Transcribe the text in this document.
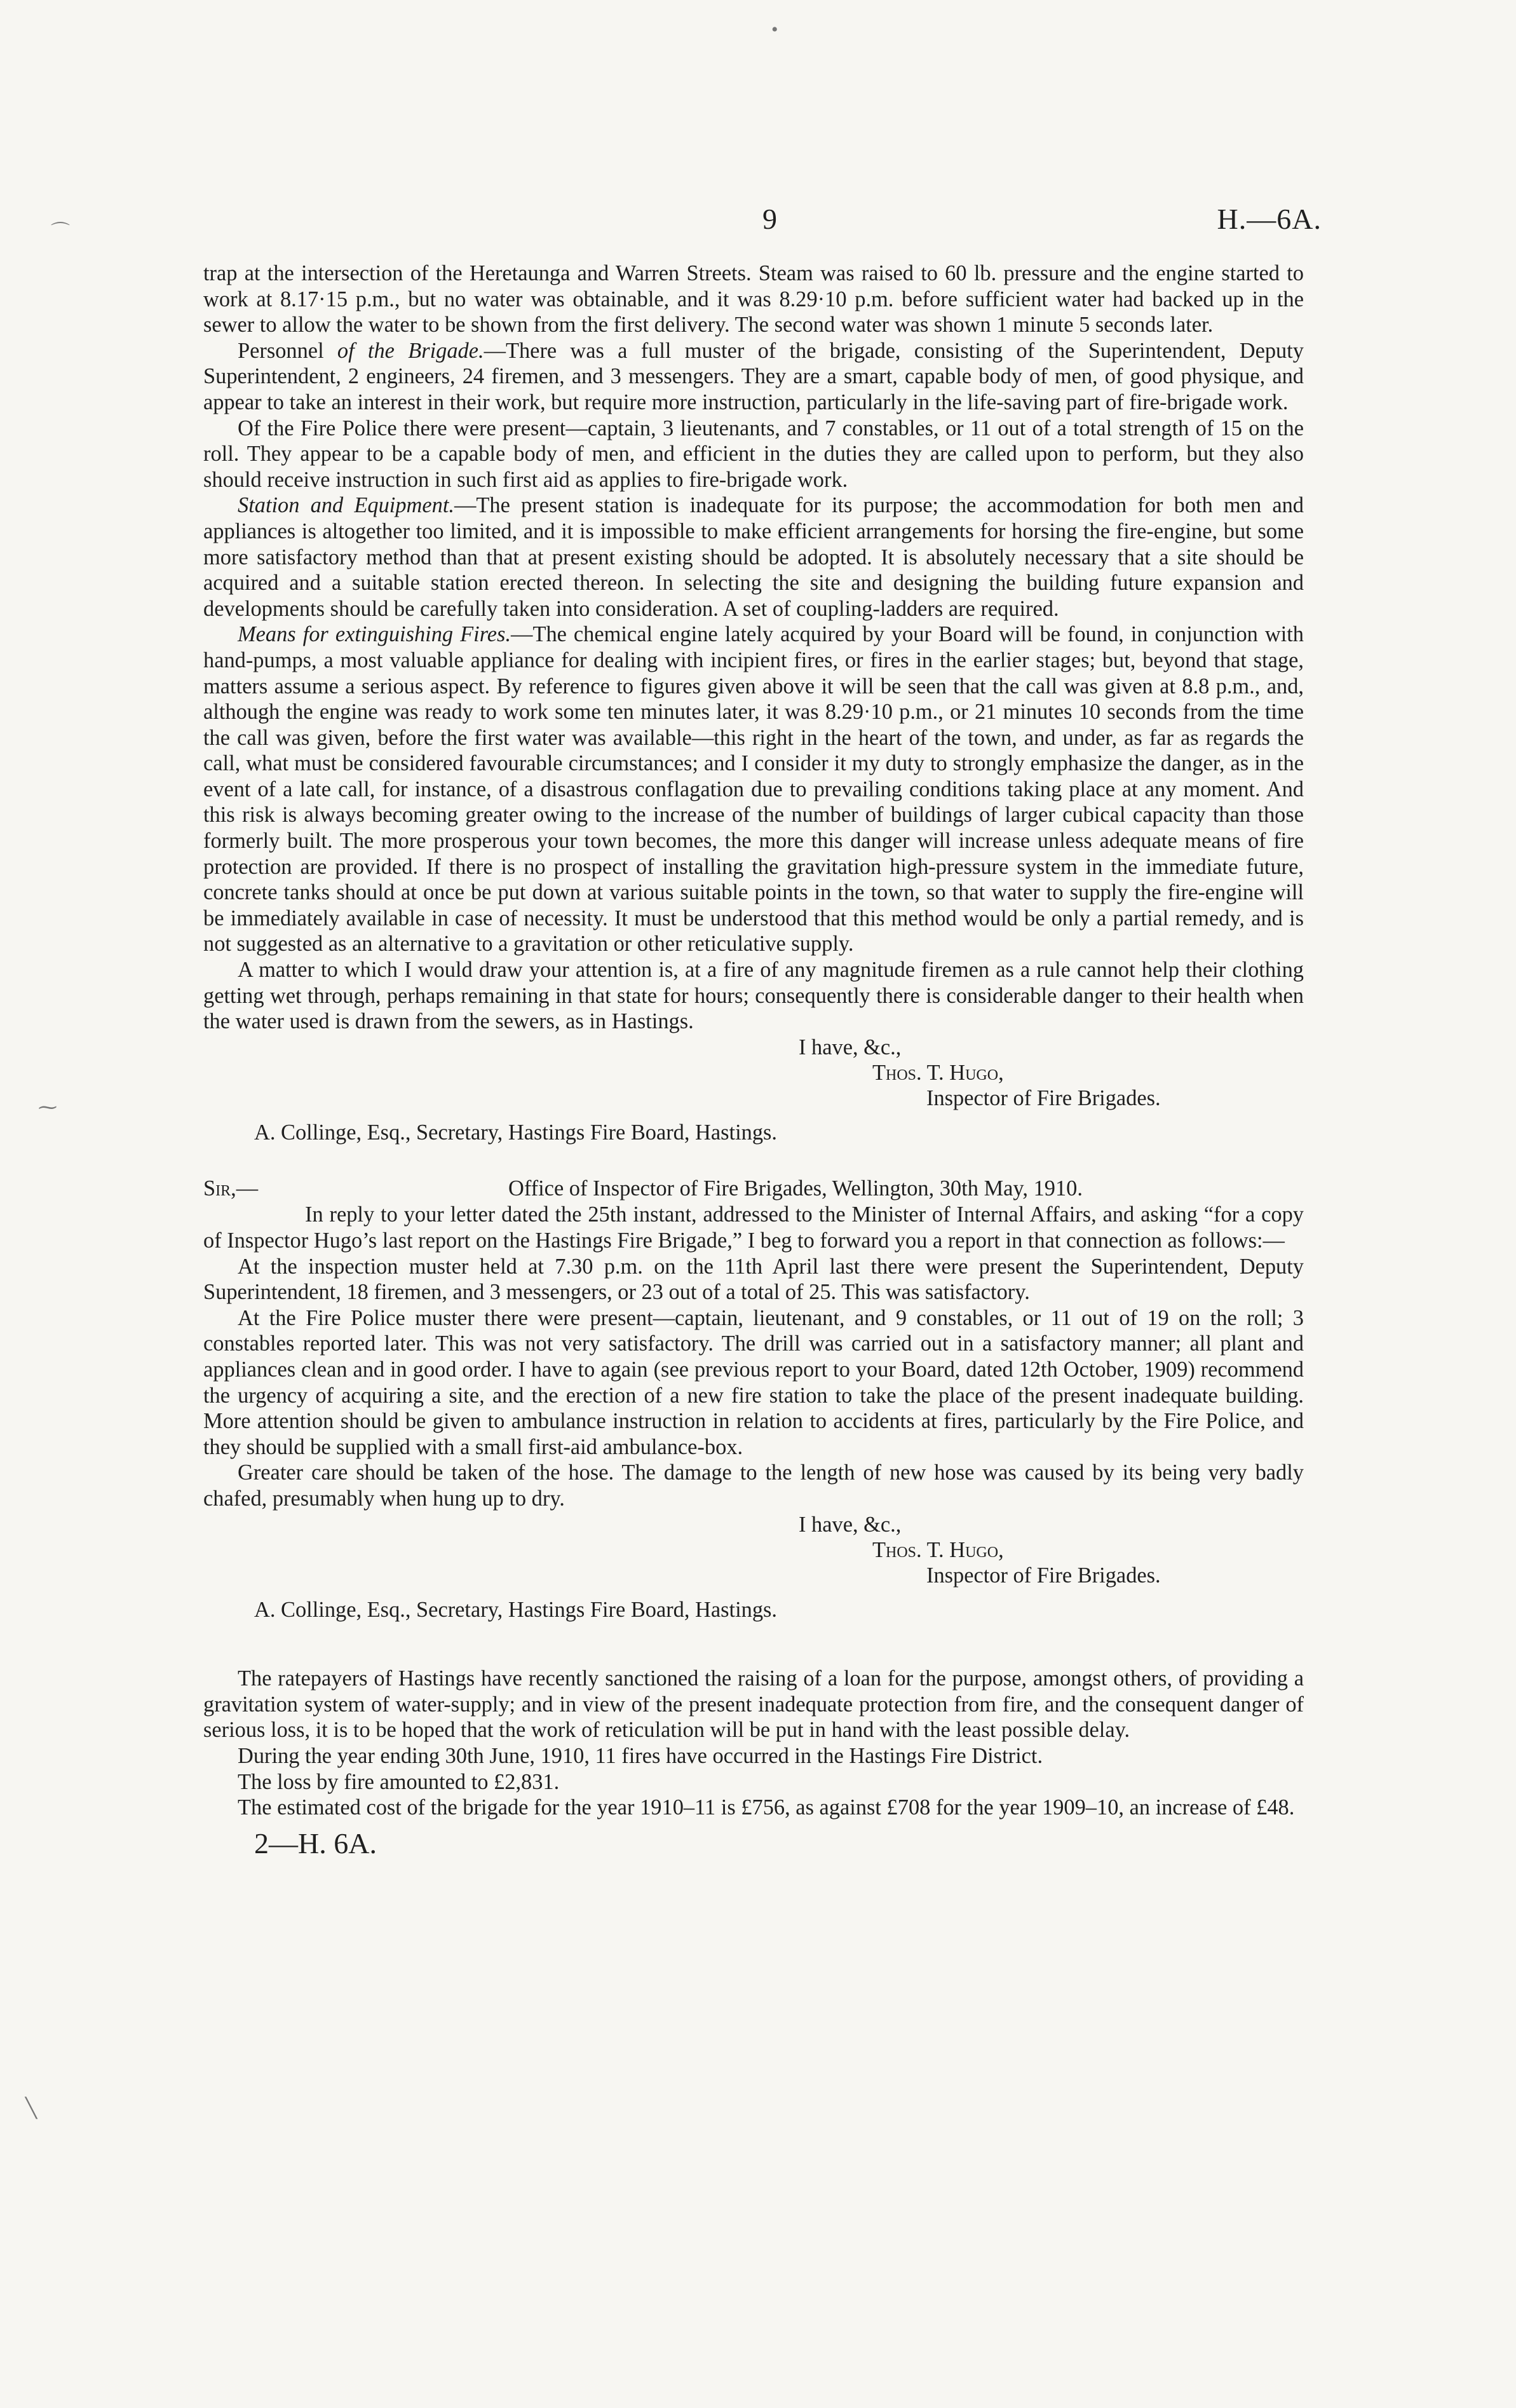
•
⌒
⁓
╲
9	H.—6A.

trap at the intersection of the Heretaunga and Warren Streets. Steam was raised to 60 lb. pressure and the engine started to work at 8.17·15 p.m., but no water was obtainable, and it was 8.29·10 p.m. before sufficient water had backed up in the sewer to allow the water to be shown from the first delivery. The second water was shown 1 minute 5 seconds later.

Personnel of the Brigade.—There was a full muster of the brigade, consisting of the Superintendent, Deputy Superintendent, 2 engineers, 24 firemen, and 3 messengers. They are a smart, capable body of men, of good physique, and appear to take an interest in their work, but require more instruction, particularly in the life-saving part of fire-brigade work.

Of the Fire Police there were present—captain, 3 lieutenants, and 7 constables, or 11 out of a total strength of 15 on the roll. They appear to be a capable body of men, and efficient in the duties they are called upon to perform, but they also should receive instruction in such first aid as applies to fire-brigade work.

Station and Equipment.—The present station is inadequate for its purpose; the accommodation for both men and appliances is altogether too limited, and it is impossible to make efficient arrangements for horsing the fire-engine, but some more satisfactory method than that at present existing should be adopted. It is absolutely necessary that a site should be acquired and a suitable station erected thereon. In selecting the site and designing the building future expansion and developments should be carefully taken into consideration. A set of coupling-ladders are required.

Means for extinguishing Fires.—The chemical engine lately acquired by your Board will be found, in conjunction with hand-pumps, a most valuable appliance for dealing with incipient fires, or fires in the earlier stages; but, beyond that stage, matters assume a serious aspect. By reference to figures given above it will be seen that the call was given at 8.8 p.m., and, although the engine was ready to work some ten minutes later, it was 8.29·10 p.m., or 21 minutes 10 seconds from the time the call was given, before the first water was available—this right in the heart of the town, and under, as far as regards the call, what must be considered favourable circumstances; and I consider it my duty to strongly emphasize the danger, as in the event of a late call, for instance, of a disastrous conflagation due to prevailing conditions taking place at any moment. And this risk is always becoming greater owing to the increase of the number of buildings of larger cubical capacity than those formerly built. The more prosperous your town becomes, the more this danger will increase unless adequate means of fire protection are provided. If there is no prospect of installing the gravitation high-pressure system in the immediate future, concrete tanks should at once be put down at various suitable points in the town, so that water to supply the fire-engine will be immediately available in case of necessity. It must be understood that this method would be only a partial remedy, and is not suggested as an alternative to a gravitation or other reticulative supply.

A matter to which I would draw your attention is, at a fire of any magnitude firemen as a rule cannot help their clothing getting wet through, perhaps remaining in that state for hours; consequently there is considerable danger to their health when the water used is drawn from the sewers, as in Hastings.

I have, &c.,
Thos. T. Hugo,
Inspector of Fire Brigades.

A. Collinge, Esq., Secretary, Hastings Fire Board, Hastings.

Sir,—	Office of Inspector of Fire Brigades, Wellington, 30th May, 1910.

In reply to your letter dated the 25th instant, addressed to the Minister of Internal Affairs, and asking “for a copy of Inspector Hugo’s last report on the Hastings Fire Brigade,” I beg to forward you a report in that connection as follows:—

At the inspection muster held at 7.30 p.m. on the 11th April last there were present the Superintendent, Deputy Superintendent, 18 firemen, and 3 messengers, or 23 out of a total of 25. This was satisfactory.

At the Fire Police muster there were present—captain, lieutenant, and 9 constables, or 11 out of 19 on the roll; 3 constables reported later. This was not very satisfactory. The drill was carried out in a satisfactory manner; all plant and appliances clean and in good order. I have to again (see previous report to your Board, dated 12th October, 1909) recommend the urgency of acquiring a site, and the erection of a new fire station to take the place of the present inadequate building. More attention should be given to ambulance instruction in relation to accidents at fires, particularly by the Fire Police, and they should be supplied with a small first-aid ambulance-box.

Greater care should be taken of the hose. The damage to the length of new hose was caused by its being very badly chafed, presumably when hung up to dry.

I have, &c.,
Thos. T. Hugo,
Inspector of Fire Brigades.

A. Collinge, Esq., Secretary, Hastings Fire Board, Hastings.

The ratepayers of Hastings have recently sanctioned the raising of a loan for the purpose, amongst others, of providing a gravitation system of water-supply; and in view of the present inadequate protection from fire, and the consequent danger of serious loss, it is to be hoped that the work of reticulation will be put in hand with the least possible delay.

During the year ending 30th June, 1910, 11 fires have occurred in the Hastings Fire District.

The loss by fire amounted to £2,831.

The estimated cost of the brigade for the year 1910–11 is £756, as against £708 for the year 1909–10, an increase of £48.

2—H. 6A.
